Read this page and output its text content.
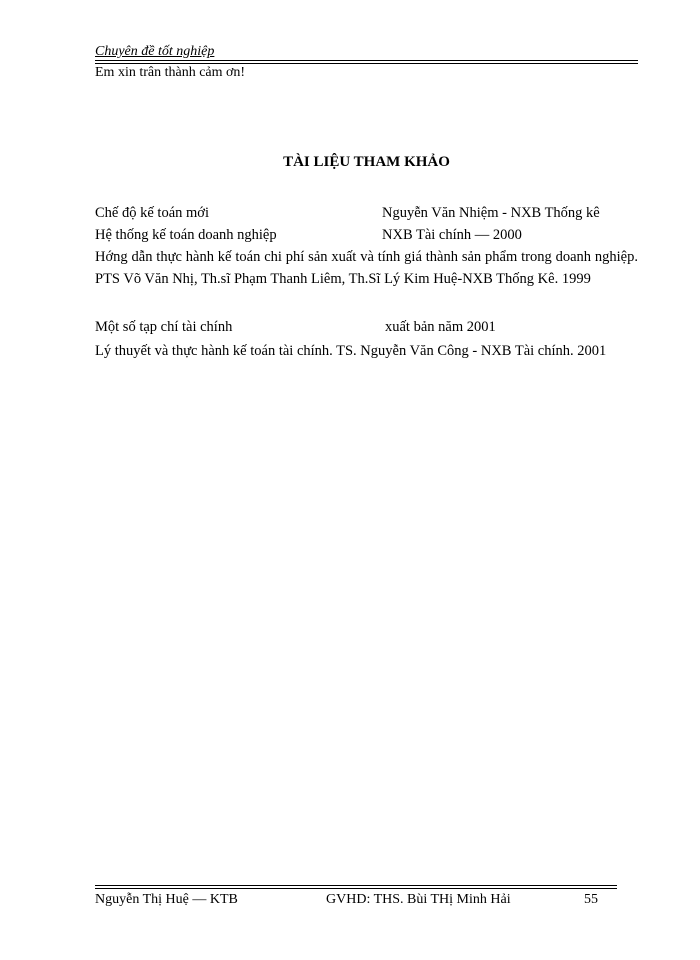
Chuyên đề tốt nghiệp
Em xin trân thành cảm ơn!
TÀI LIỆU THAM KHẢO
Chế độ kế toán mới	Nguyễn Văn Nhiệm - NXB Thống kê
Hệ thống kế toán doanh nghiệp	NXB Tài chính — 2000
Hớng dẫn thực hành kế toán chi phí sản xuất và tính giá thành sản phẩm trong doanh nghiệp. PTS Võ Văn Nhị, Th.sĩ Phạm Thanh Liêm, Th.Sĩ Lý Kim Huệ-NXB Thống Kê. 1999
Một số tạp chí tài chính	xuất bản năm 2001
Lý thuyết và thực hành kế toán tài chính. TS. Nguyễn Văn Công - NXB Tài chính. 2001
Nguyễn Thị Huệ — KTB	GVHD: THS. Bùi THị Minh Hải	55
